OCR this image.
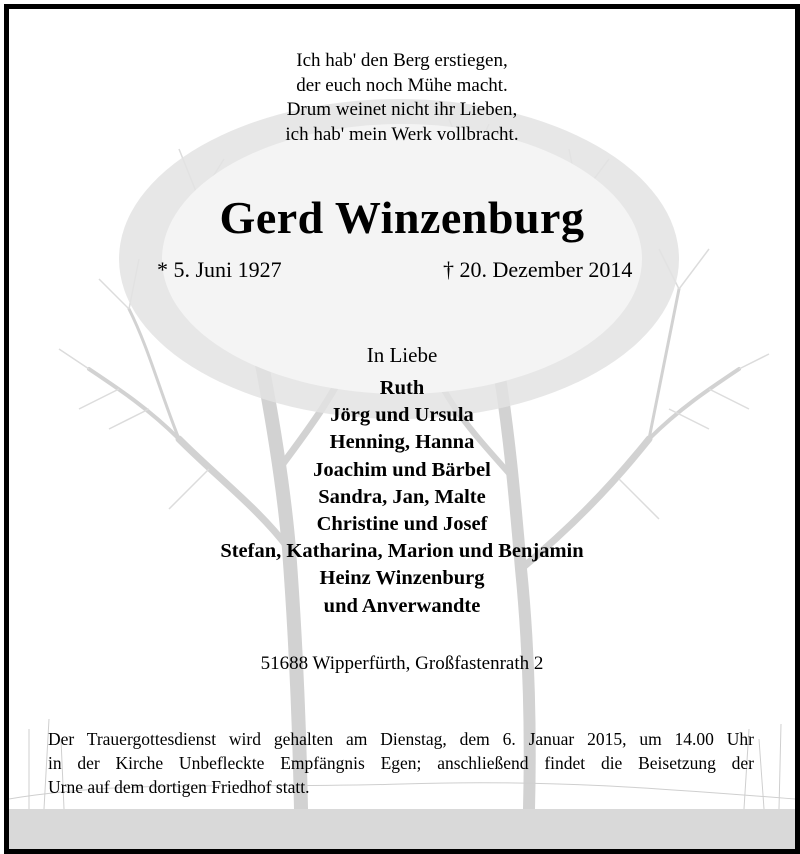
Ich hab' den Berg erstiegen,
der euch noch Mühe macht.
Drum weinet nicht ihr Lieben,
ich hab' mein Werk vollbracht.
Gerd Winzenburg
* 5. Juni 1927	† 20. Dezember 2014
In Liebe
Ruth
Jörg und Ursula
Henning, Hanna
Joachim und Bärbel
Sandra, Jan, Malte
Christine und Josef
Stefan, Katharina, Marion und Benjamin
Heinz Winzenburg
und Anverwandte
51688 Wipperfürth, Großfastenrath 2
Der Trauergottesdienst wird gehalten am Dienstag, dem 6. Januar 2015, um 14.00 Uhr
in der Kirche Unbefleckte Empfängnis Egen; anschließend findet die Beisetzung der
Urne auf dem dortigen Friedhof statt.
